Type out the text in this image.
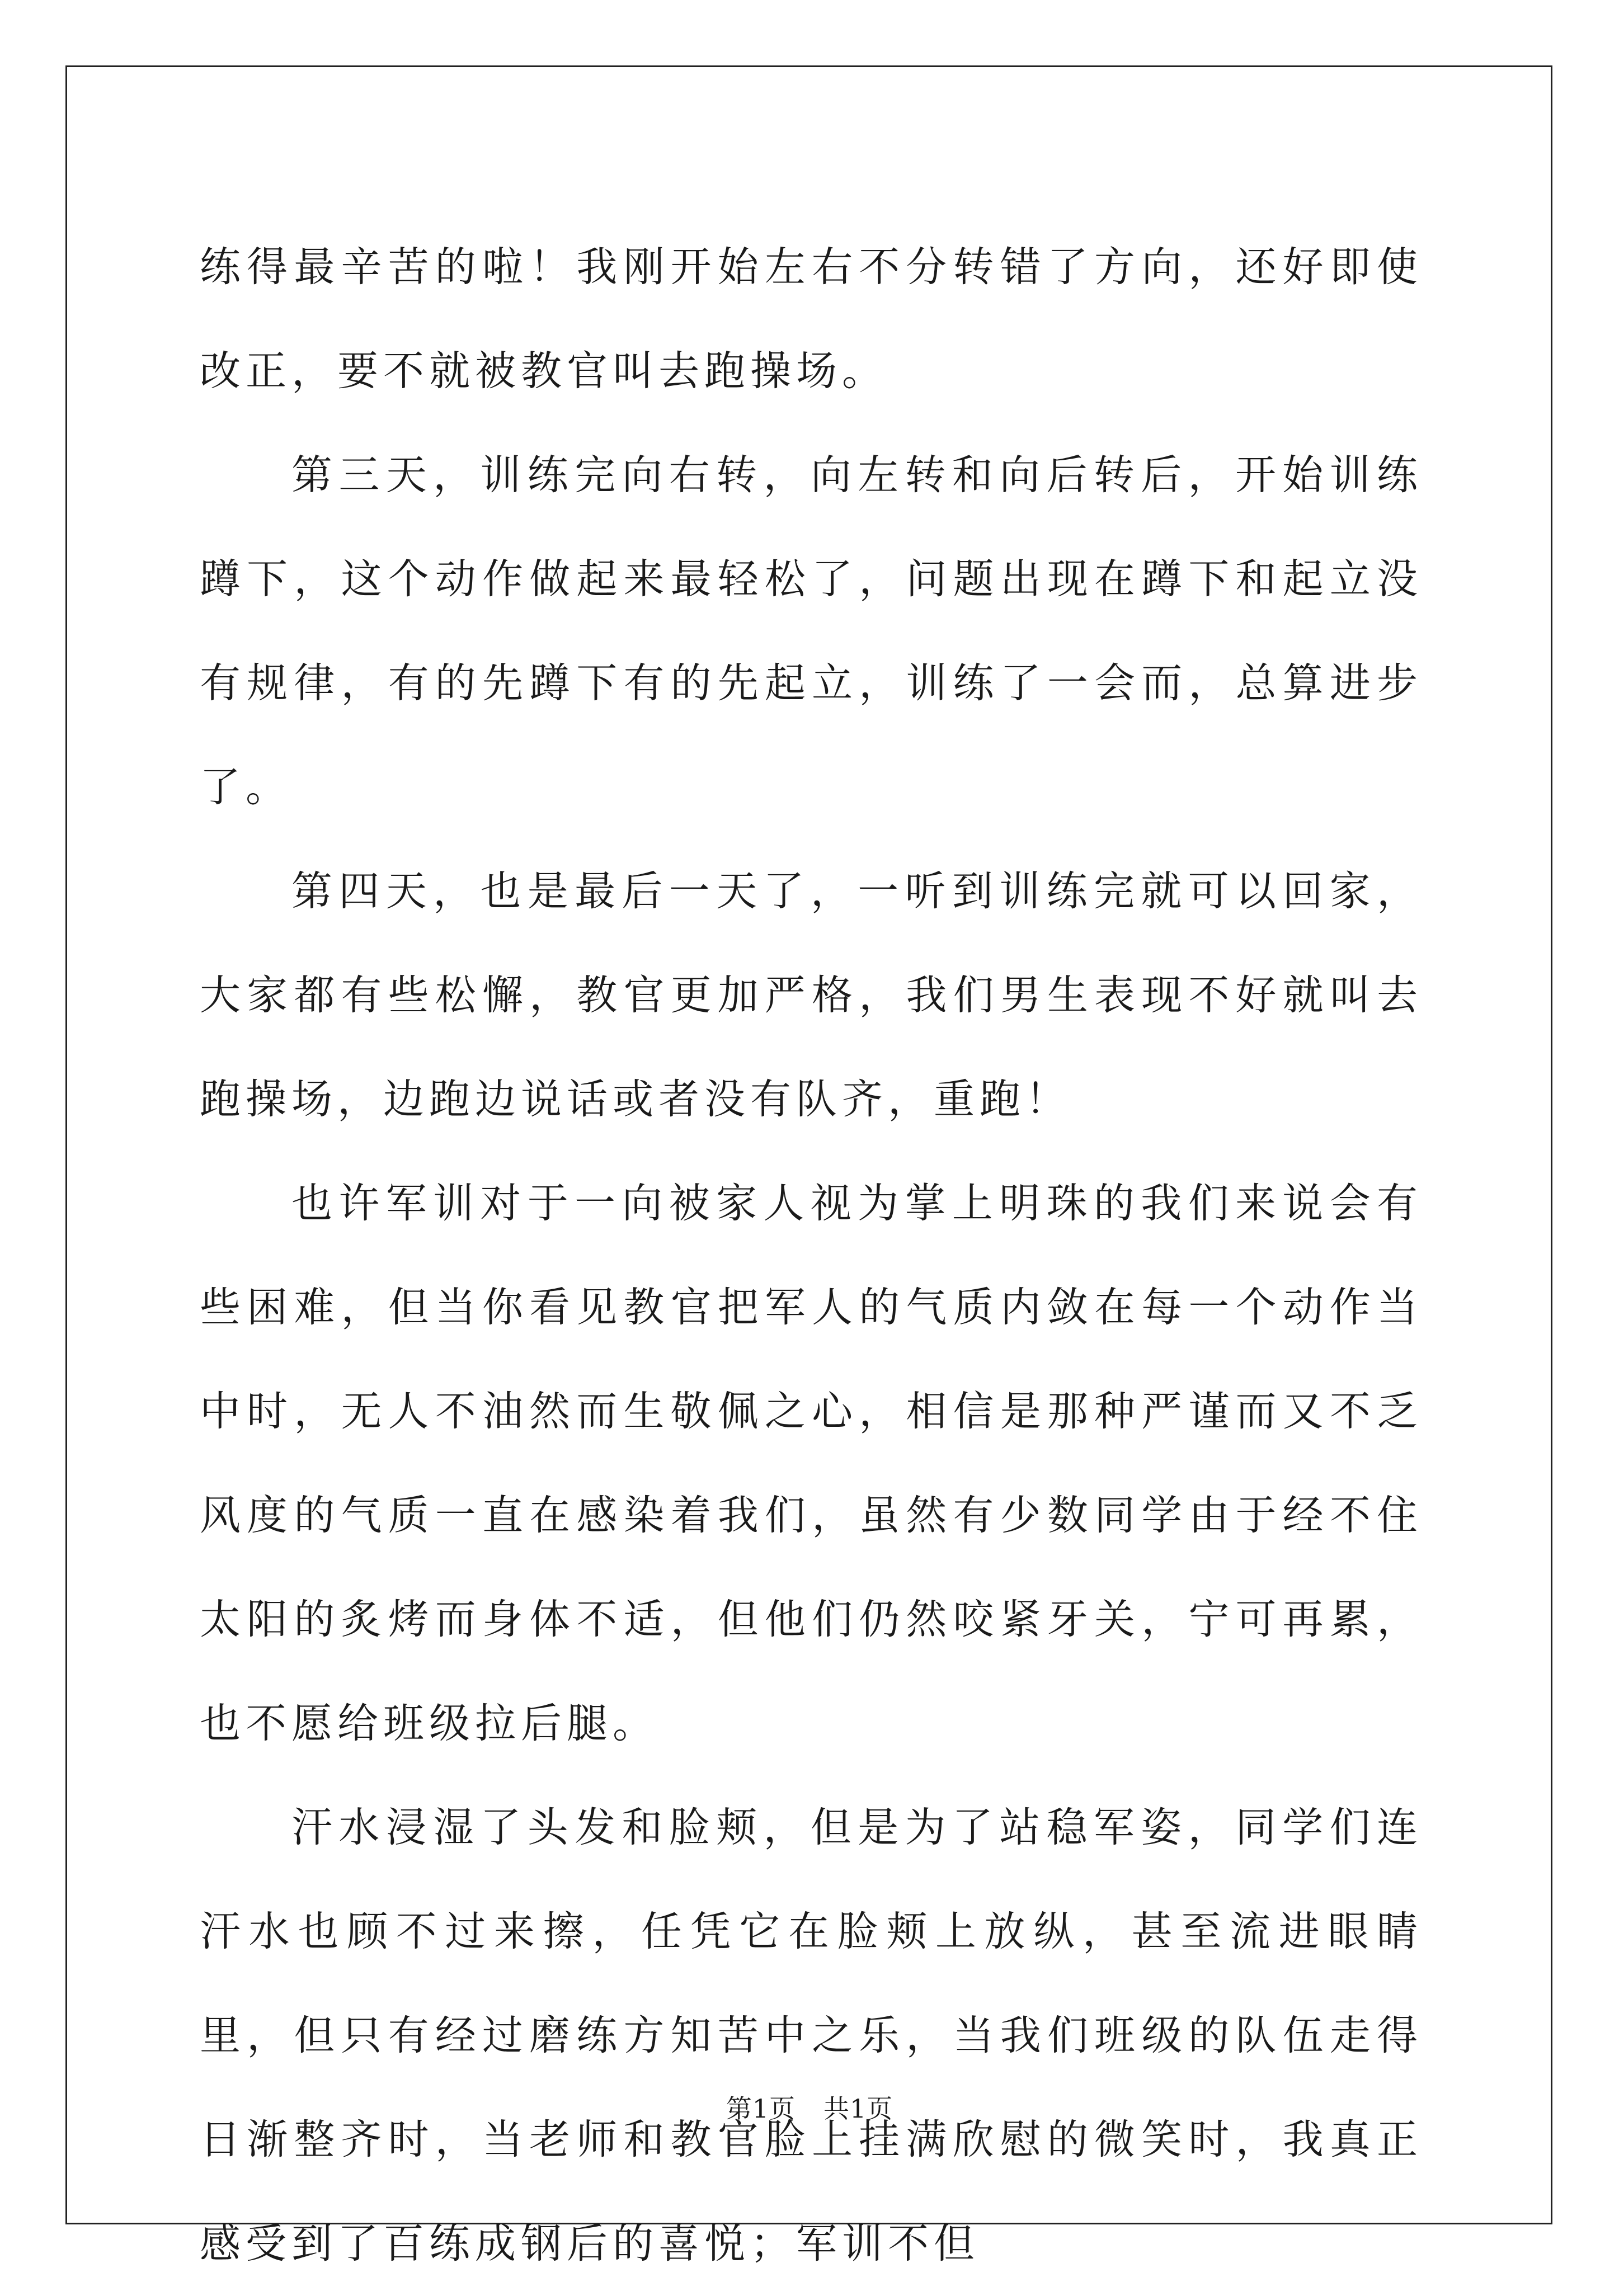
练得最辛苦的啦！我刚开始左右不分转错了方向，还好即使改正，要不就被教官叫去跑操场。

第三天，训练完向右转，向左转和向后转后，开始训练蹲下，这个动作做起来最轻松了，问题出现在蹲下和起立没有规律，有的先蹲下有的先起立，训练了一会而，总算进步了。

第四天，也是最后一天了，一听到训练完就可以回家，大家都有些松懈，教官更加严格，我们男生表现不好就叫去跑操场，边跑边说话或者没有队齐，重跑！

也许军训对于一向被家人视为掌上明珠的我们来说会有些困难，但当你看见教官把军人的气质内敛在每一个动作当中时，无人不油然而生敬佩之心，相信是那种严谨而又不乏风度的气质一直在感染着我们，虽然有少数同学由于经不住太阳的炙烤而身体不适，但他们仍然咬紧牙关，宁可再累，也不愿给班级拉后腿。

汗水浸湿了头发和脸颊，但是为了站稳军姿，同学们连汗水也顾不过来擦，任凭它在脸颊上放纵，甚至流进眼睛里，但只有经过磨练方知苦中之乐，当我们班级的队伍走得日渐整齐时，当老师和教官脸上挂满欣慰的微笑时，我真正感受到了百练成钢后的喜悦；军训不但

第1页 共1页
